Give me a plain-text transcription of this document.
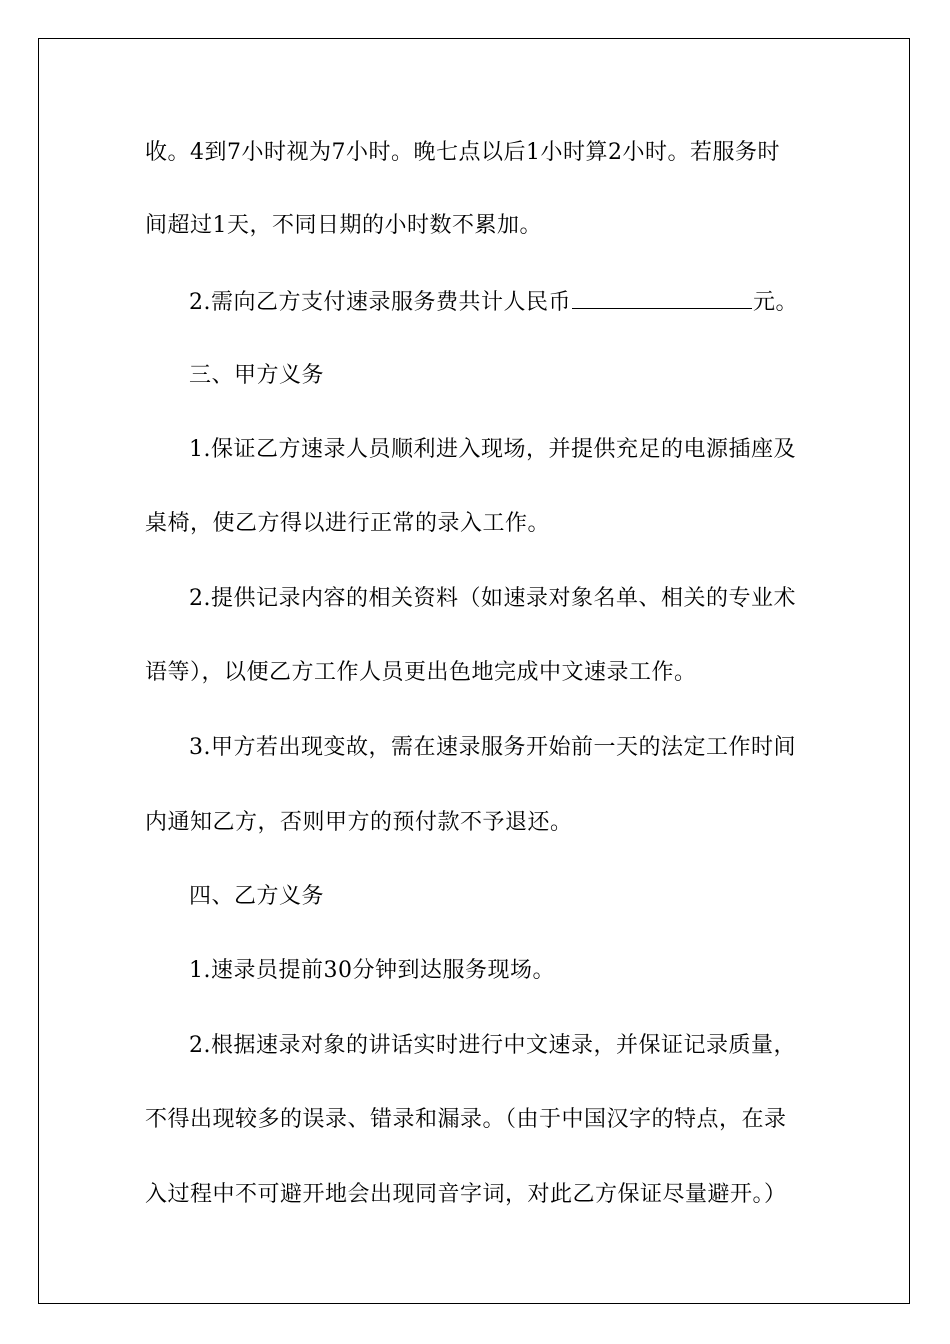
收。4到7小时视为7小时。晚七点以后1小时算2小时。若服务时
间超过1天，不同日期的小时数不累加。
2.需向乙方支付速录服务费共计人民币	元。
三、甲方义务
1.保证乙方速录人员顺利进入现场，并提供充足的电源插座及
桌椅，使乙方得以进行正常的录入工作。
2.提供记录内容的相关资料（如速录对象名单、相关的专业术
语等），以便乙方工作人员更出色地完成中文速录工作。
3.甲方若出现变故，需在速录服务开始前一天的法定工作时间
内通知乙方，否则甲方的预付款不予退还。
四、乙方义务
1.速录员提前30分钟到达服务现场。
2.根据速录对象的讲话实时进行中文速录，并保证记录质量，
不得出现较多的误录、错录和漏录。（由于中国汉字的特点，在录
入过程中不可避开地会出现同音字词，对此乙方保证尽量避开。）
